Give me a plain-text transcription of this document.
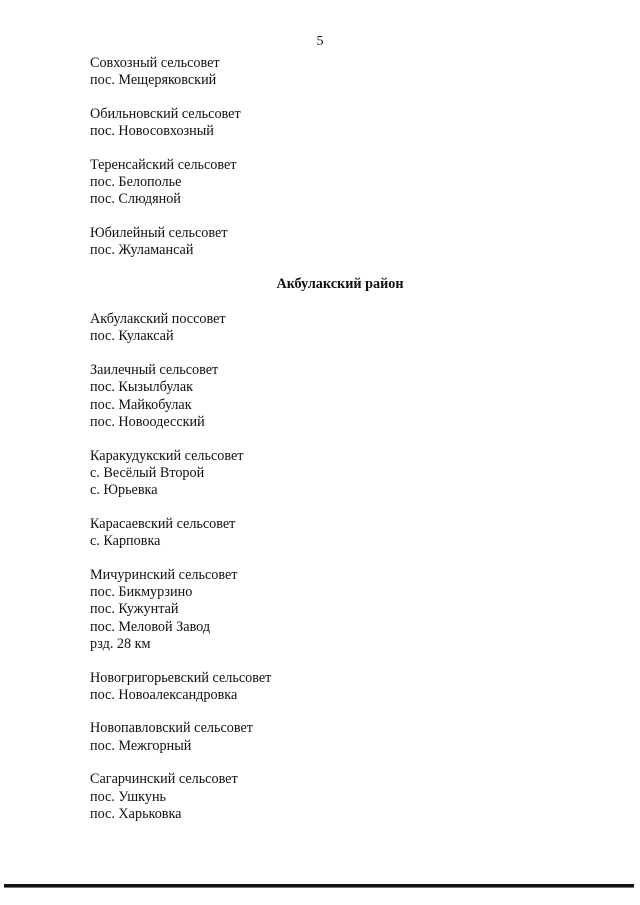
5
Совхозный сельсовет
пос. Мещеряковский
Обильновский сельсовет
пос. Новосовхозный
Теренсайский сельсовет
пос. Белополье
пос. Слюдяной
Юбилейный сельсовет
пос. Жуламансай
Акбулакский район
Акбулакский поссовет
пос. Кулаксай
Заилечный сельсовет
пос. Кызылбулак
пос. Майкобулак
пос. Новоодесский
Каракудукский сельсовет
с. Весёлый Второй
с. Юрьевка
Карасаевский сельсовет
с. Карповка
Мичуринский сельсовет
пос. Бикмурзино
пос. Кужунтай
пос. Меловой Завод
рзд. 28 км
Новогригорьевский сельсовет
пос. Новоалександровка
Новопавловский сельсовет
пос. Межгорный
Сагарчинский сельсовет
пос. Ушкунь
пос. Харьковка
